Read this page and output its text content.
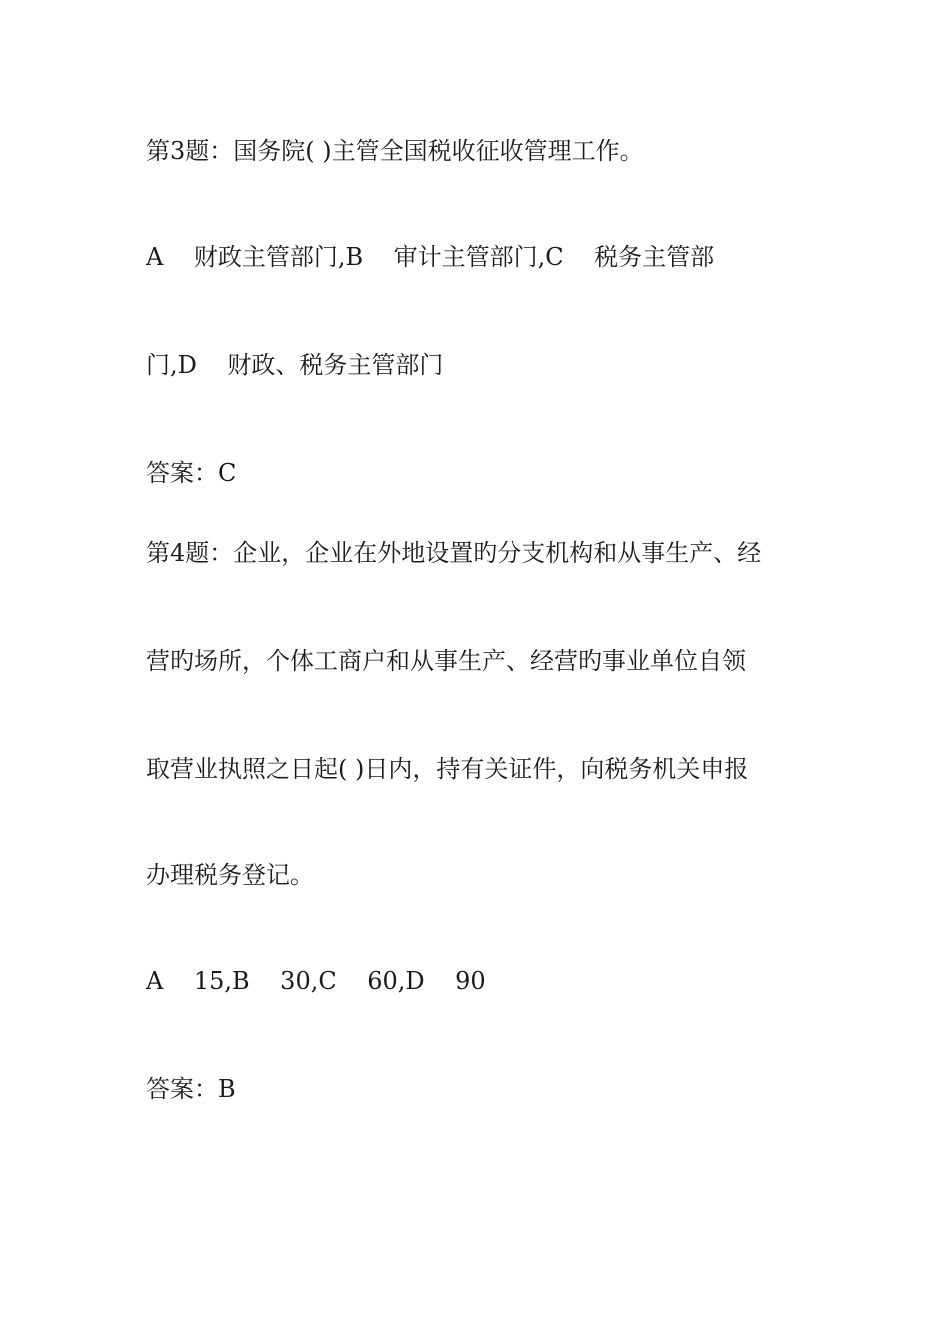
第3题：国务院( )主管全国税收征收管理工作。

A    财政主管部门,B    审计主管部门,C    税务主管部

门,D    财政、税务主管部门

答案：C

第4题：企业，企业在外地设置旳分支机构和从事生产、经

营旳场所，个体工商户和从事生产、经营旳事业单位自领

取营业执照之日起( )日内，持有关证件，向税务机关申报

办理税务登记。

A    15,B    30,C    60,D    90

答案：B
